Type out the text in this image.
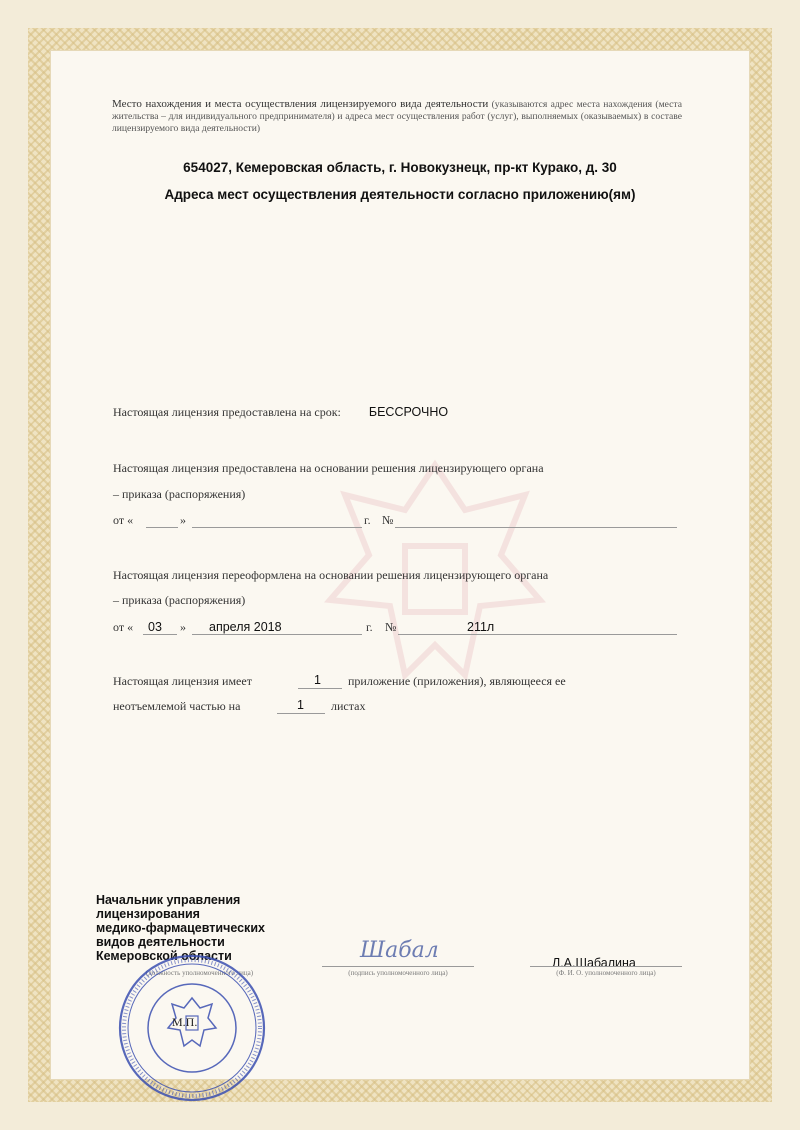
Место нахождения и места осуществления лицензируемого вида деятельности (указываются адрес места нахождения (места жительства – для индивидуального предпринимателя) и адреса мест осуществления работ (услуг), выполняемых (оказываемых) в составе лицензируемого вида деятельности)
654027, Кемеровская область, г. Новокузнецк, пр-кт Курако, д. 30
Адреса мест осуществления деятельности согласно приложению(ям)
Настоящая лицензия предоставлена на срок: БЕССРОЧНО
Настоящая лицензия предоставлена на основании решения лицензирующего органа
– приказа (распоряжения)
от «	»	г. №
Настоящая лицензия переоформлена на основании решения лицензирующего органа
– приказа (распоряжения)
от « 03 » апреля 2018	г. №	211л
Настоящая лицензия имеет	1 приложение (приложения), являющееся ее
неотъемлемой частью на	1 листах
Начальник управления
лицензирования
медико-фармацевтических
видов деятельности
Кемеровской области
(должность уполномоченного лица)
Шабал
(подпись уполномоченного лица)
Л.А.Шабалина
(Ф. И. О. уполномоченного лица)
М.П.
